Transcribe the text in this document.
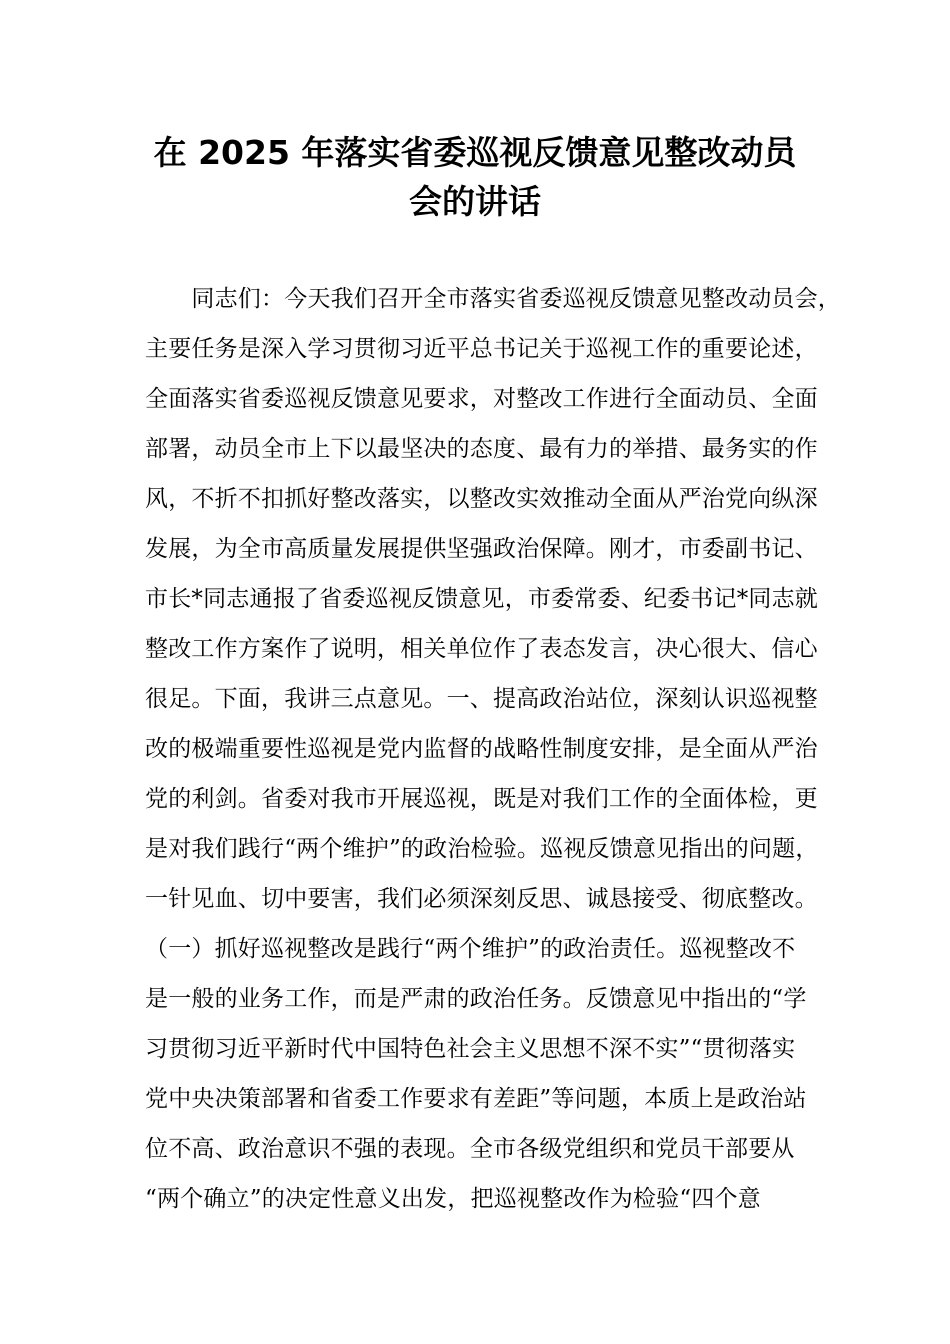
在 2025 年落实省委巡视反馈意见整改动员
会的讲话
　　同志们：今天我们召开全市落实省委巡视反馈意见整改动员会，
主要任务是深入学习贯彻习近平总书记关于巡视工作的重要论述，
全面落实省委巡视反馈意见要求，对整改工作进行全面动员、全面
部署，动员全市上下以最坚决的态度、最有力的举措、最务实的作
风，不折不扣抓好整改落实，以整改实效推动全面从严治党向纵深
发展，为全市高质量发展提供坚强政治保障。刚才，市委副书记、
市长*同志通报了省委巡视反馈意见，市委常委、纪委书记*同志就
整改工作方案作了说明，相关单位作了表态发言，决心很大、信心
很足。下面，我讲三点意见。一、提高政治站位，深刻认识巡视整
改的极端重要性巡视是党内监督的战略性制度安排，是全面从严治
党的利剑。省委对我市开展巡视，既是对我们工作的全面体检，更
是对我们践行“两个维护”的政治检验。巡视反馈意见指出的问题，
一针见血、切中要害，我们必须深刻反思、诚恳接受、彻底整改。
（一）抓好巡视整改是践行“两个维护”的政治责任。巡视整改不
是一般的业务工作，而是严肃的政治任务。反馈意见中指出的“学
习贯彻习近平新时代中国特色社会主义思想不深不实”“贯彻落实
党中央决策部署和省委工作要求有差距”等问题，本质上是政治站
位不高、政治意识不强的表现。全市各级党组织和党员干部要从
“两个确立”的决定性意义出发，把巡视整改作为检验“四个意
